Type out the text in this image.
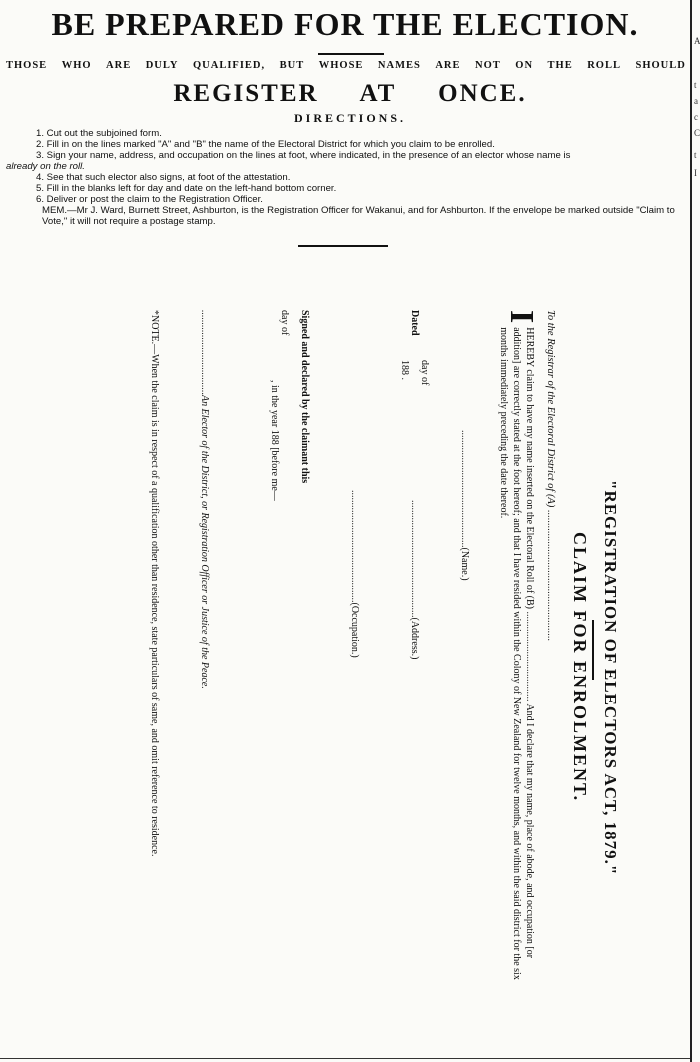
A
t
a
c
C
t
I
BE PREPARED FOR THE ELECTION.
THOSE WHO ARE DULY QUALIFIED, BUT WHOSE NAMES ARE NOT ON THE ROLL SHOULD
REGISTER AT ONCE.
DIRECTIONS.
1. Cut out the subjoined form.
2. Fill in on the lines marked "A" and "B" the name of the Electoral District for which you claim to be enrolled.
3. Sign your name, address, and occupation on the lines at foot, where indicated, in the presence of an elector whose name is
already on the roll.
4. See that such elector also signs, at foot of the attestation.
5. Fill in the blanks left for day and date on the left-hand bottom corner.
6. Deliver or post the claim to the Registration Officer.
MEM.—Mr J. Ward, Burnett Street, Ashburton, is the Registration Officer for Wakanui, and for Ashburton. If the envelope be marked outside "Claim to Vote," it will not require a postage stamp.
"REGISTRATION OF ELECTORS ACT, 1879."
CLAIM FOR ENROLMENT.
To the Registrar of the Electoral District of (A) ..................................................
I
HEREBY claim to have my name inserted on the Electoral Roll of (B) .................................... And I declare that my name, place of abode, and occupation [or addition] are correctly stated at the foot hereof; and that I have resided within the Colony of New Zealand for twelve months, and within the said district for the six months immediately preceding the date thereof.
...............................................(Name.)
Dated
day of
188 .
...............................................(Address.)
.............................................(Occupation.)
Signed and declared by the claimant this
day of
, in the year 188 [before me—
..................................An Elector of the District, or Registration Officer or Justice of the Peace.
*NOTE.—When the claim is in respect of a qualification other than residence, state particulars of same, and omit reference to residence.
